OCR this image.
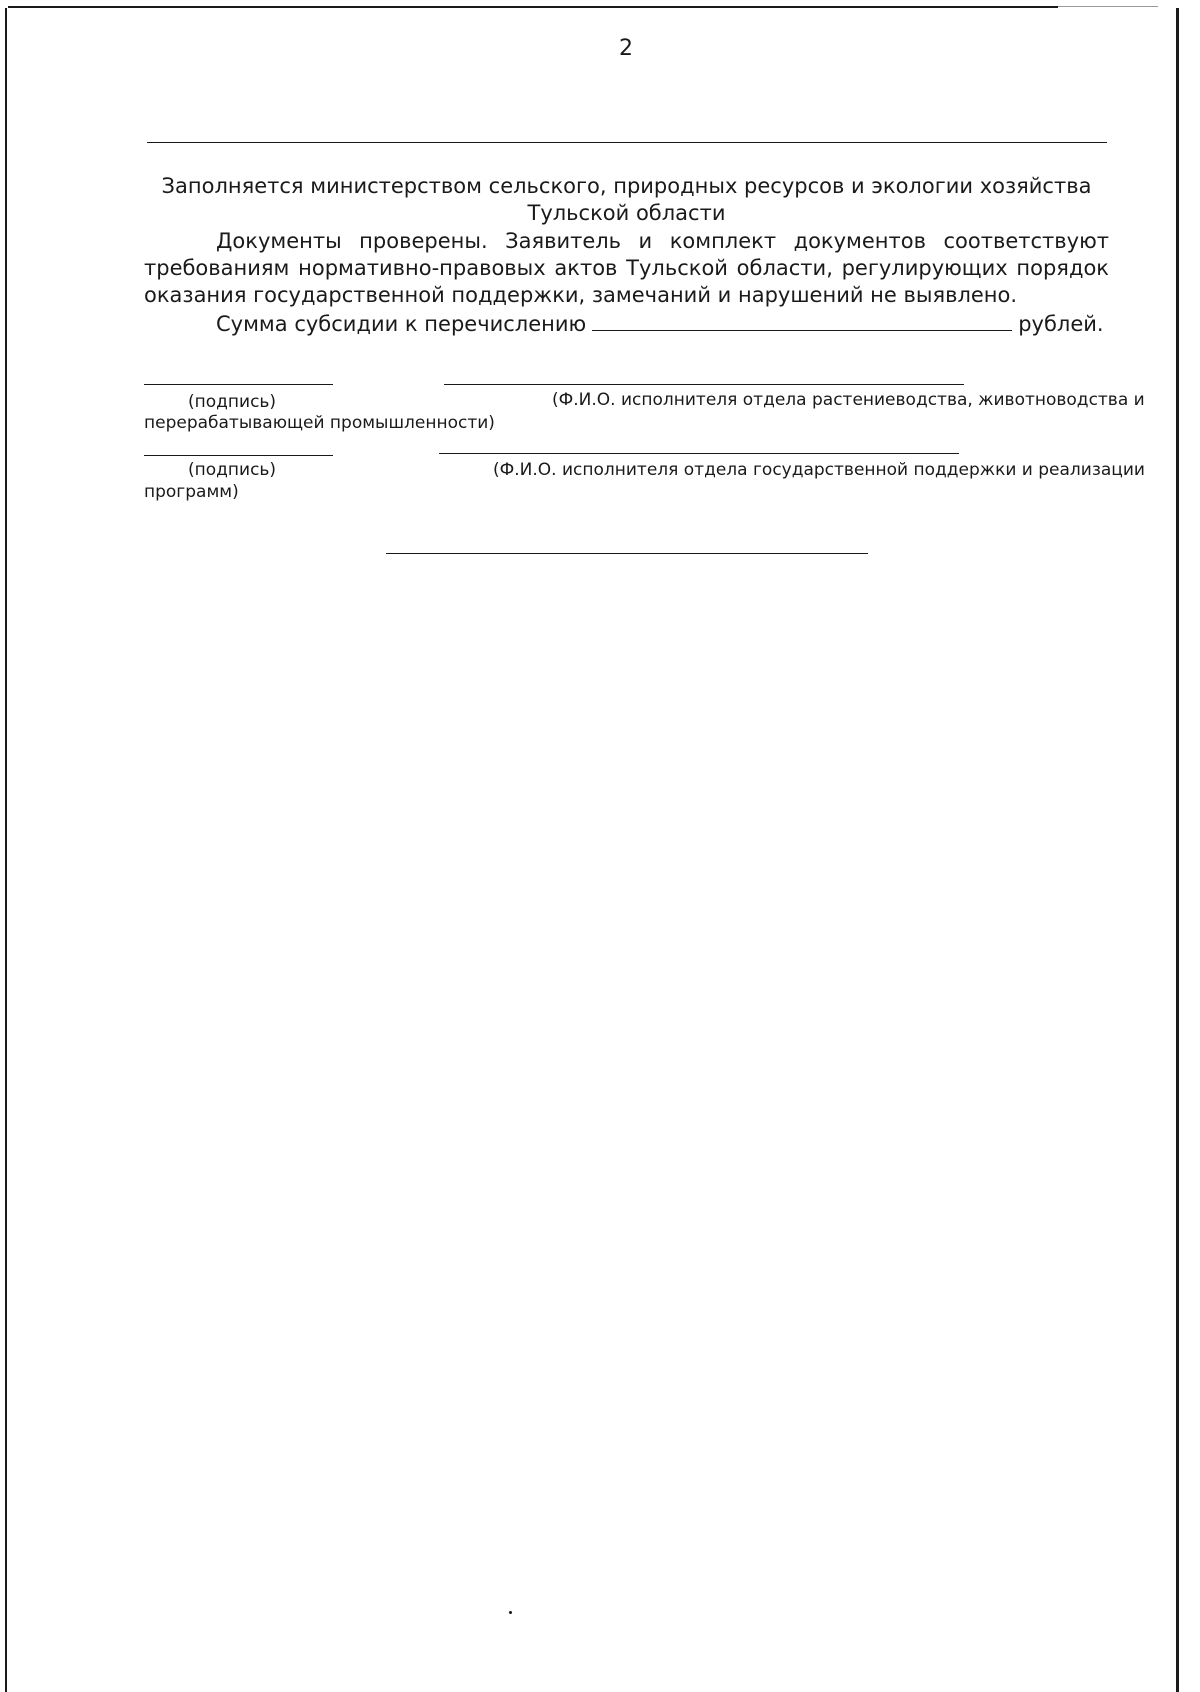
2
Заполняется министерством сельского, природных ресурсов и экологии хозяйства Тульской области
Документы проверены. Заявитель и комплект документов соответствуют требованиям нормативно-правовых актов Тульской области, регулирующих порядок оказания государственной поддержки, замечаний и нарушений не выявлено.
Сумма субсидии к перечислению	рублей.
(подпись)	(Ф.И.О. исполнителя отдела растениеводства, животноводства и
перерабатывающей промышленности)
(подпись)	(Ф.И.О. исполнителя отдела государственной поддержки и реализации
программ)
